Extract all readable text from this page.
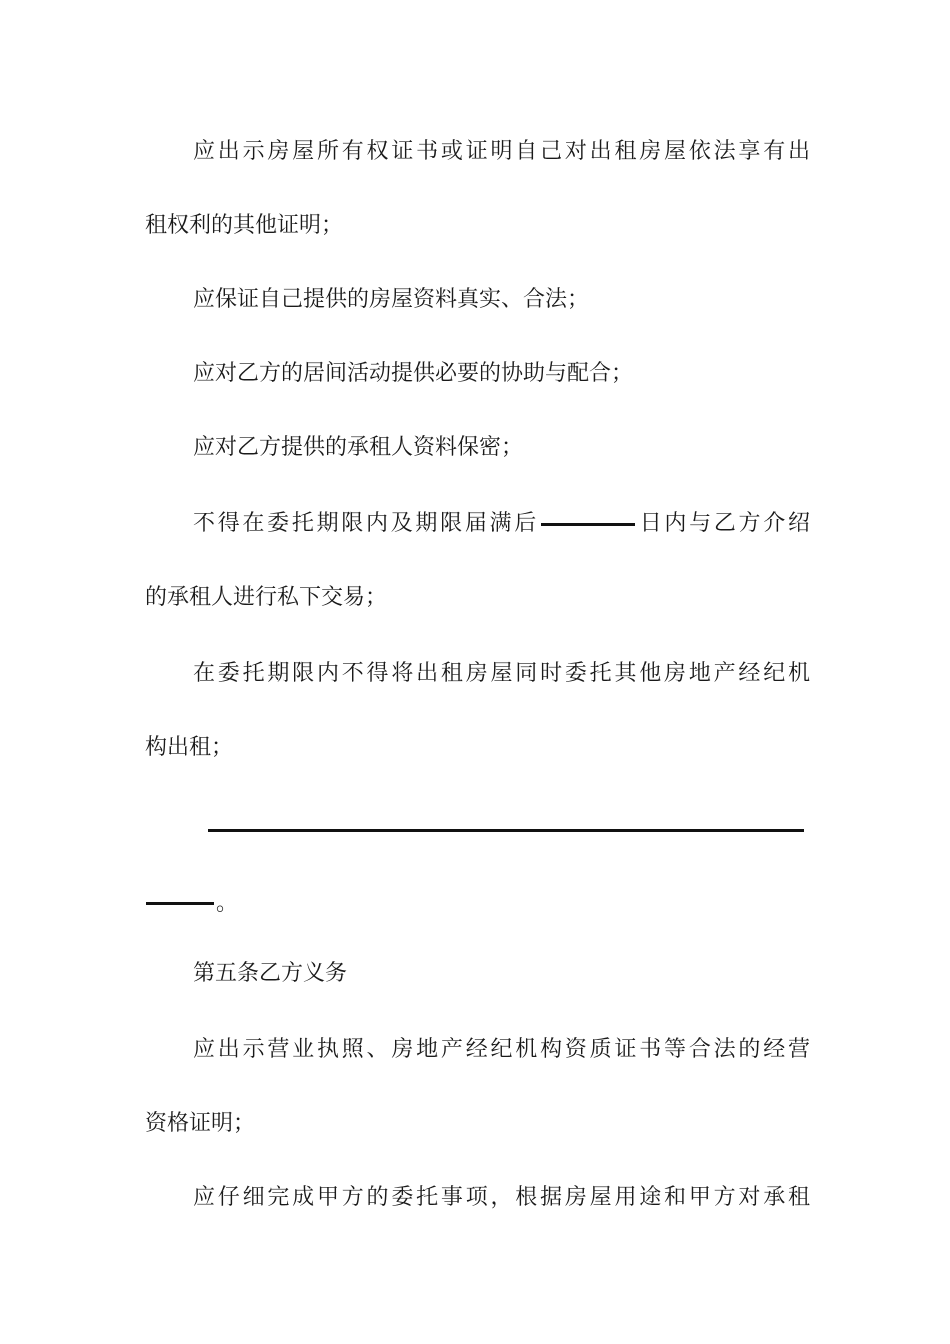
应出示房屋所有权证书或证明自己对出租房屋依法享有出
租权利的其他证明；
应保证自己提供的房屋资料真实、合法；
应对乙方的居间活动提供必要的协助与配合；
应对乙方提供的承租人资料保密；
不得在委托期限内及期限届满后	日内与乙方介绍
的承租人进行私下交易；
在委托期限内不得将出租房屋同时委托其他房地产经纪机
构出租；
。
第五条乙方义务
应出示营业执照、房地产经纪机构资质证书等合法的经营
资格证明；
应仔细完成甲方的委托事项，根据房屋用途和甲方对承租
